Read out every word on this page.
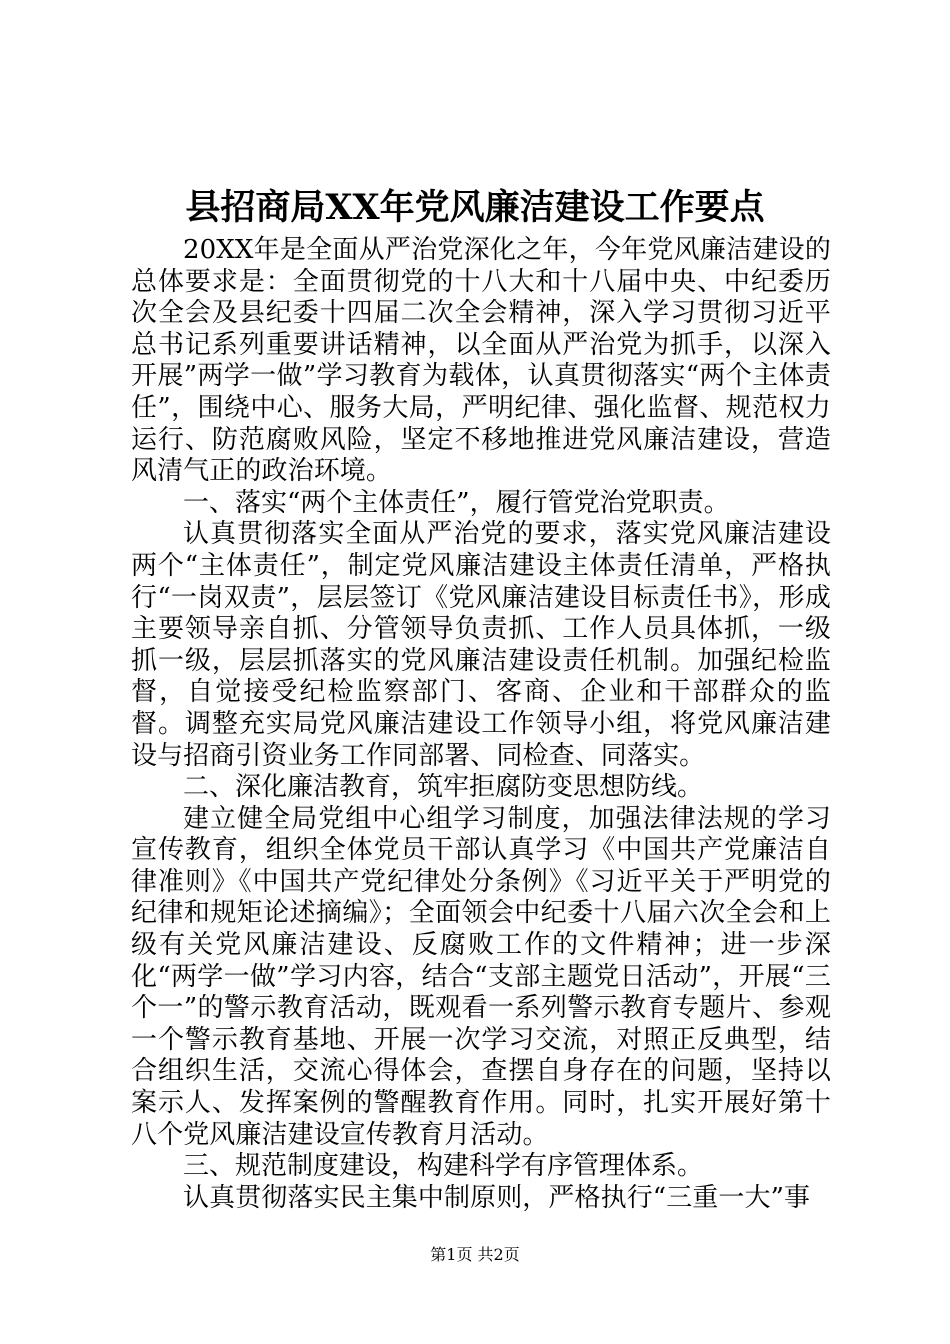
县招商局XX年党风廉洁建设工作要点

20XX年是全面从严治党深化之年，今年党风廉洁建设的总体要求是：全面贯彻党的十八大和十八届中央、中纪委历次全会及县纪委十四届二次全会精神，深入学习贯彻习近平总书记系列重要讲话精神，以全面从严治党为抓手，以深入开展”两学一做”学习教育为载体，认真贯彻落实“两个主体责任”，围绕中心、服务大局，严明纪律、强化监督、规范权力运行、防范腐败风险，坚定不移地推进党风廉洁建设，营造风清气正的政治环境。

一、落实“两个主体责任”，履行管党治党职责。

认真贯彻落实全面从严治党的要求，落实党风廉洁建设两个“主体责任”，制定党风廉洁建设主体责任清单，严格执行“一岗双责”，层层签订《党风廉洁建设目标责任书》，形成主要领导亲自抓、分管领导负责抓、工作人员具体抓，一级抓一级，层层抓落实的党风廉洁建设责任机制。加强纪检监督，自觉接受纪检监察部门、客商、企业和干部群众的监督。调整充实局党风廉洁建设工作领导小组，将党风廉洁建设与招商引资业务工作同部署、同检查、同落实。

二、深化廉洁教育，筑牢拒腐防变思想防线。

建立健全局党组中心组学习制度，加强法律法规的学习宣传教育，组织全体党员干部认真学习《中国共产党廉洁自律准则》《中国共产党纪律处分条例》《习近平关于严明党的纪律和规矩论述摘编》；全面领会中纪委十八届六次全会和上级有关党风廉洁建设、反腐败工作的文件精神；进一步深化“两学一做”学习内容，结合“支部主题党日活动”，开展“三个一”的警示教育活动，既观看一系列警示教育专题片、参观一个警示教育基地、开展一次学习交流，对照正反典型，结合组织生活，交流心得体会，查摆自身存在的问题，坚持以案示人、发挥案例的警醒教育作用。同时，扎实开展好第十八个党风廉洁建设宣传教育月活动。

三、规范制度建设，构建科学有序管理体系。

认真贯彻落实民主集中制原则，严格执行“三重一大”事

第1页 共2页
